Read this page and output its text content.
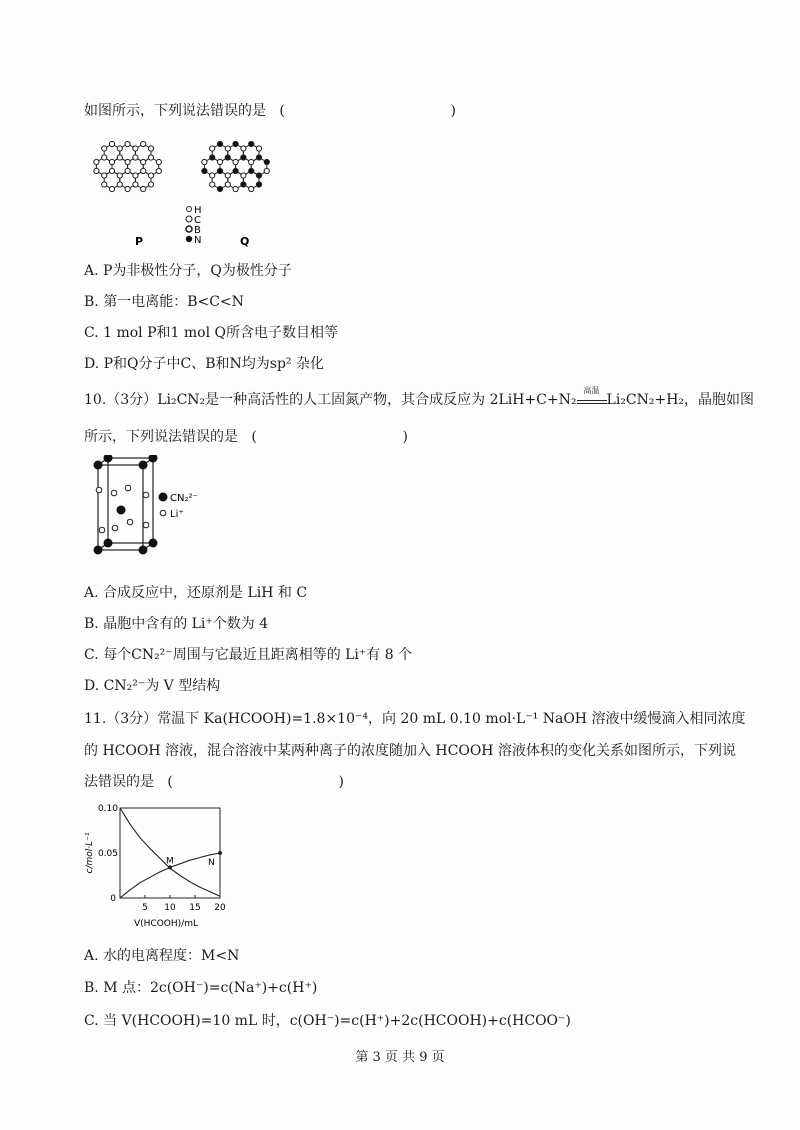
如图所示，下列说法错误的是 (	)
H
C
B
N
P	Q
A. P为非极性分子，Q为极性分子
B. 第一电离能：B<C<N
C. 1 mol P和1 mol Q所含电子数目相等
D. P和Q分子中C、B和N均为sp² 杂化
10.（3分）Li₂CN₂是一种高活性的人工固氮产物，其合成反应为 2LiH+C+N₂
高温
Li₂CN₂+H₂，晶胞如图
所示，下列说法错误的是 (	)
CN₂²⁻
Li⁺
A. 合成反应中，还原剂是 LiH 和 C
B. 晶胞中含有的 Li⁺个数为 4
C. 每个CN₂²⁻周围与它最近且距离相等的 Li⁺有 8 个
D. CN₂²⁻为 V 型结构
11.（3分）常温下 Ka(HCOOH)=1.8×10⁻⁴，向 20 mL 0.10 mol·L⁻¹ NaOH 溶液中缓慢滴入相同浓度
的 HCOOH 溶液，混合溶液中某两种离子的浓度随加入 HCOOH 溶液体积的变化关系如图所示，下列说
法错误的是 (	)
c/mol·L⁻¹
V(HCOOH)/mL
5 10 15 20
0.05
0.10
0
M	N
A. 水的电离程度：M<N
B. M 点：2c(OH⁻)=c(Na⁺)+c(H⁺)
C. 当 V(HCOOH)=10 mL 时，c(OH⁻)=c(H⁺)+2c(HCOOH)+c(HCOO⁻)
第 3 页 共 9 页
